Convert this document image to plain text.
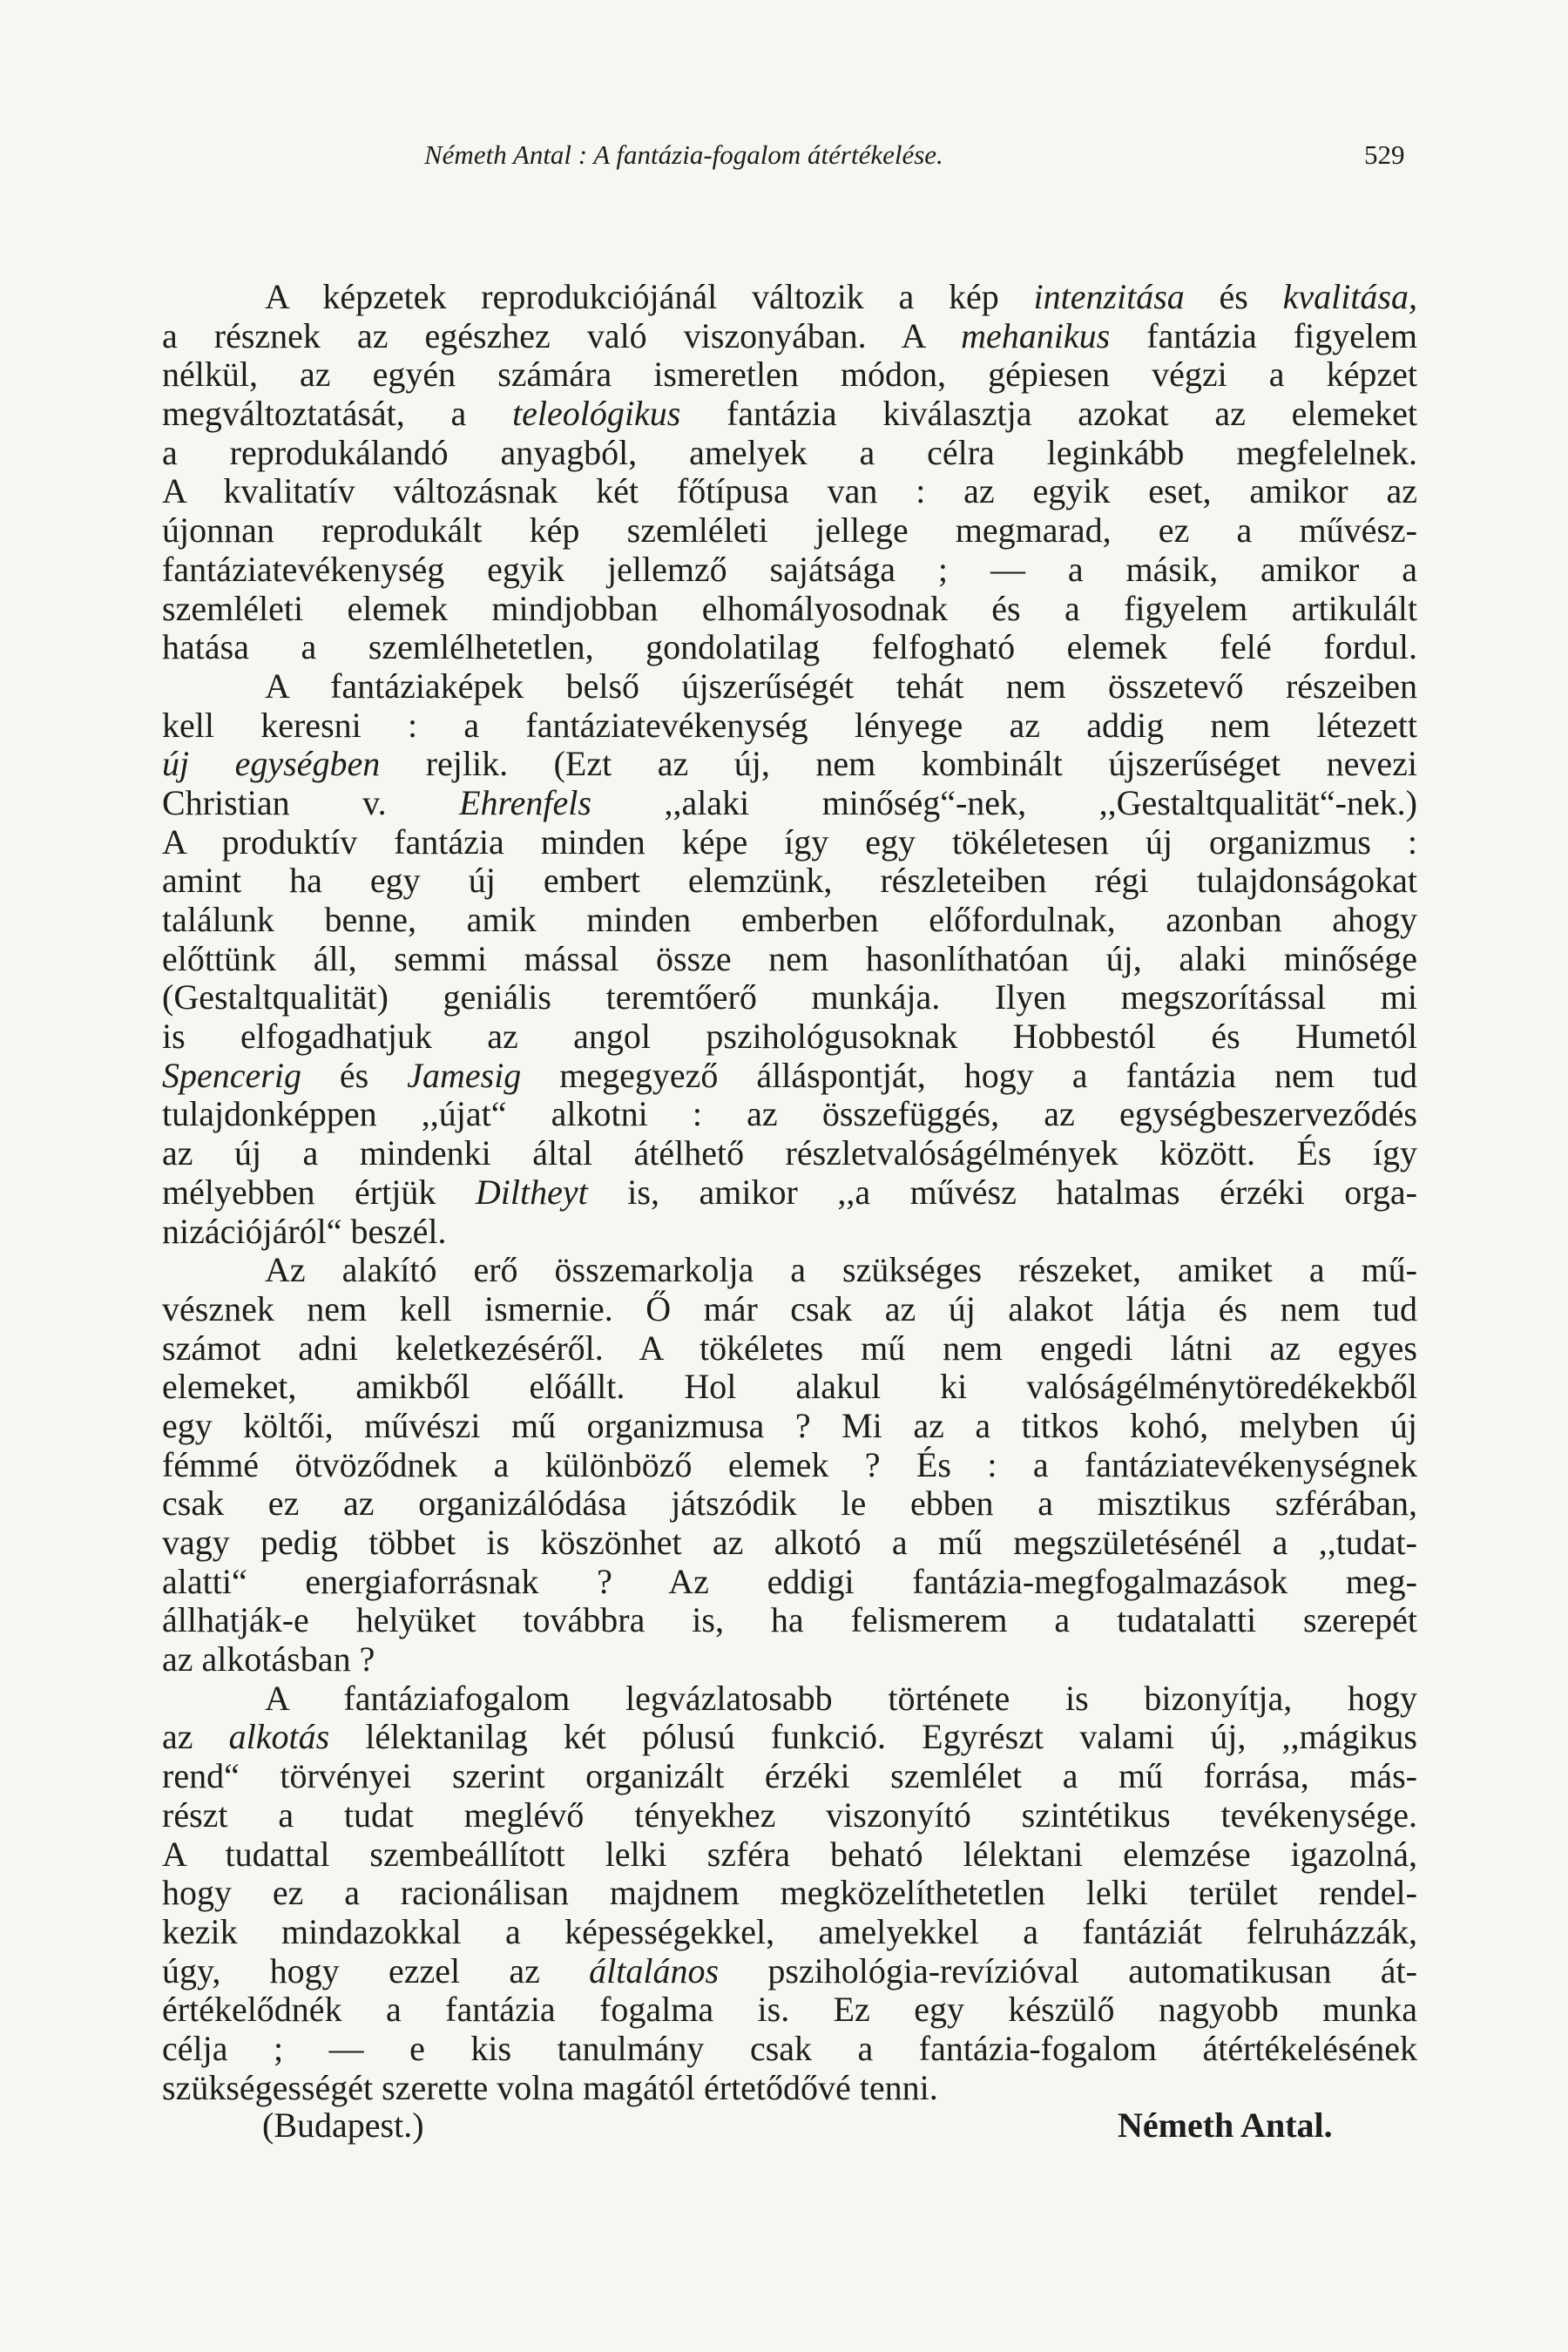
Németh Antal : A fantázia-fogalom átértékelése.	529
A képzetek reprodukciójánál változik a kép intenzitása és kvalitása,
a résznek az egészhez való viszonyában. A mehanikus fantázia figyelem
nélkül, az egyén számára ismeretlen módon, gépiesen végzi a képzet
megváltoztatását, a teleológikus fantázia kiválasztja azokat az elemeket
a reprodukálandó anyagból, amelyek a célra leginkább megfelelnek.
A kvalitatív változásnak két főtípusa van : az egyik eset, amikor az
újonnan reprodukált kép szemléleti jellege megmarad, ez a művész-
fantáziatevékenység egyik jellemző sajátsága ; — a másik, amikor a
szemléleti elemek mindjobban elhomályosodnak és a figyelem artikulált
hatása a szemlélhetetlen, gondolatilag felfogható elemek felé fordul.
A fantáziaképek belső újszerűségét tehát nem összetevő részeiben
kell keresni : a fantáziatevékenység lényege az addig nem létezett
új egységben rejlik. (Ezt az új, nem kombinált újszerűséget nevezi
Christian v. Ehrenfels ,,alaki minőség“-nek, ,,Gestaltqualität“-nek.)
A produktív fantázia minden képe így egy tökéletesen új organizmus :
amint ha egy új embert elemzünk, részleteiben régi tulajdonságokat
találunk benne, amik minden emberben előfordulnak, azonban ahogy
előttünk áll, semmi mással össze nem hasonlíthatóan új, alaki minősége
(Gestaltqualität) geniális teremtőerő munkája. Ilyen megszorítással mi
is elfogadhatjuk az angol pszihológusoknak Hobbestól és Humetól
Spencerig és Jamesig megegyező álláspontját, hogy a fantázia nem tud
tulajdonképpen ,,újat“ alkotni : az összefüggés, az egységbeszerveződés
az új a mindenki által átélhető részletvalóságélmények között. És így
mélyebben értjük Diltheyt is, amikor ,,a művész hatalmas érzéki orga-
nizációjáról“ beszél.
Az alakító erő összemarkolja a szükséges részeket, amiket a mű-
vésznek nem kell ismernie. Ő már csak az új alakot látja és nem tud
számot adni keletkezéséről. A tökéletes mű nem engedi látni az egyes
elemeket, amikből előállt. Hol alakul ki valóságélménytöredékekből
egy költői, művészi mű organizmusa ? Mi az a titkos kohó, melyben új
fémmé ötvöződnek a különböző elemek ? És : a fantáziatevékenységnek
csak ez az organizálódása játszódik le ebben a misztikus szférában,
vagy pedig többet is köszönhet az alkotó a mű megszületésénél a ,,tudat-
alatti“ energiaforrásnak ? Az eddigi fantázia-megfogalmazások meg-
állhatják-e helyüket továbbra is, ha felismerem a tudatalatti szerepét
az alkotásban ?
A fantáziafogalom legvázlatosabb története is bizonyítja, hogy
az alkotás lélektanilag két pólusú funkció. Egyrészt valami új, ,,mágikus
rend“ törvényei szerint organizált érzéki szemlélet a mű forrása, más-
részt a tudat meglévő tényekhez viszonyító szintétikus tevékenysége.
A tudattal szembeállított lelki szféra beható lélektani elemzése igazolná,
hogy ez a racionálisan majdnem megközelíthetetlen lelki terület rendel-
kezik mindazokkal a képességekkel, amelyekkel a fantáziát felruházzák,
úgy, hogy ezzel az általános pszihológia-revízióval automatikusan át-
értékelődnék a fantázia fogalma is. Ez egy készülő nagyobb munka
célja ; — e kis tanulmány csak a fantázia-fogalom átértékelésének
szükségességét szerette volna magától értetődővé tenni.
(Budapest.)	Németh Antal.
